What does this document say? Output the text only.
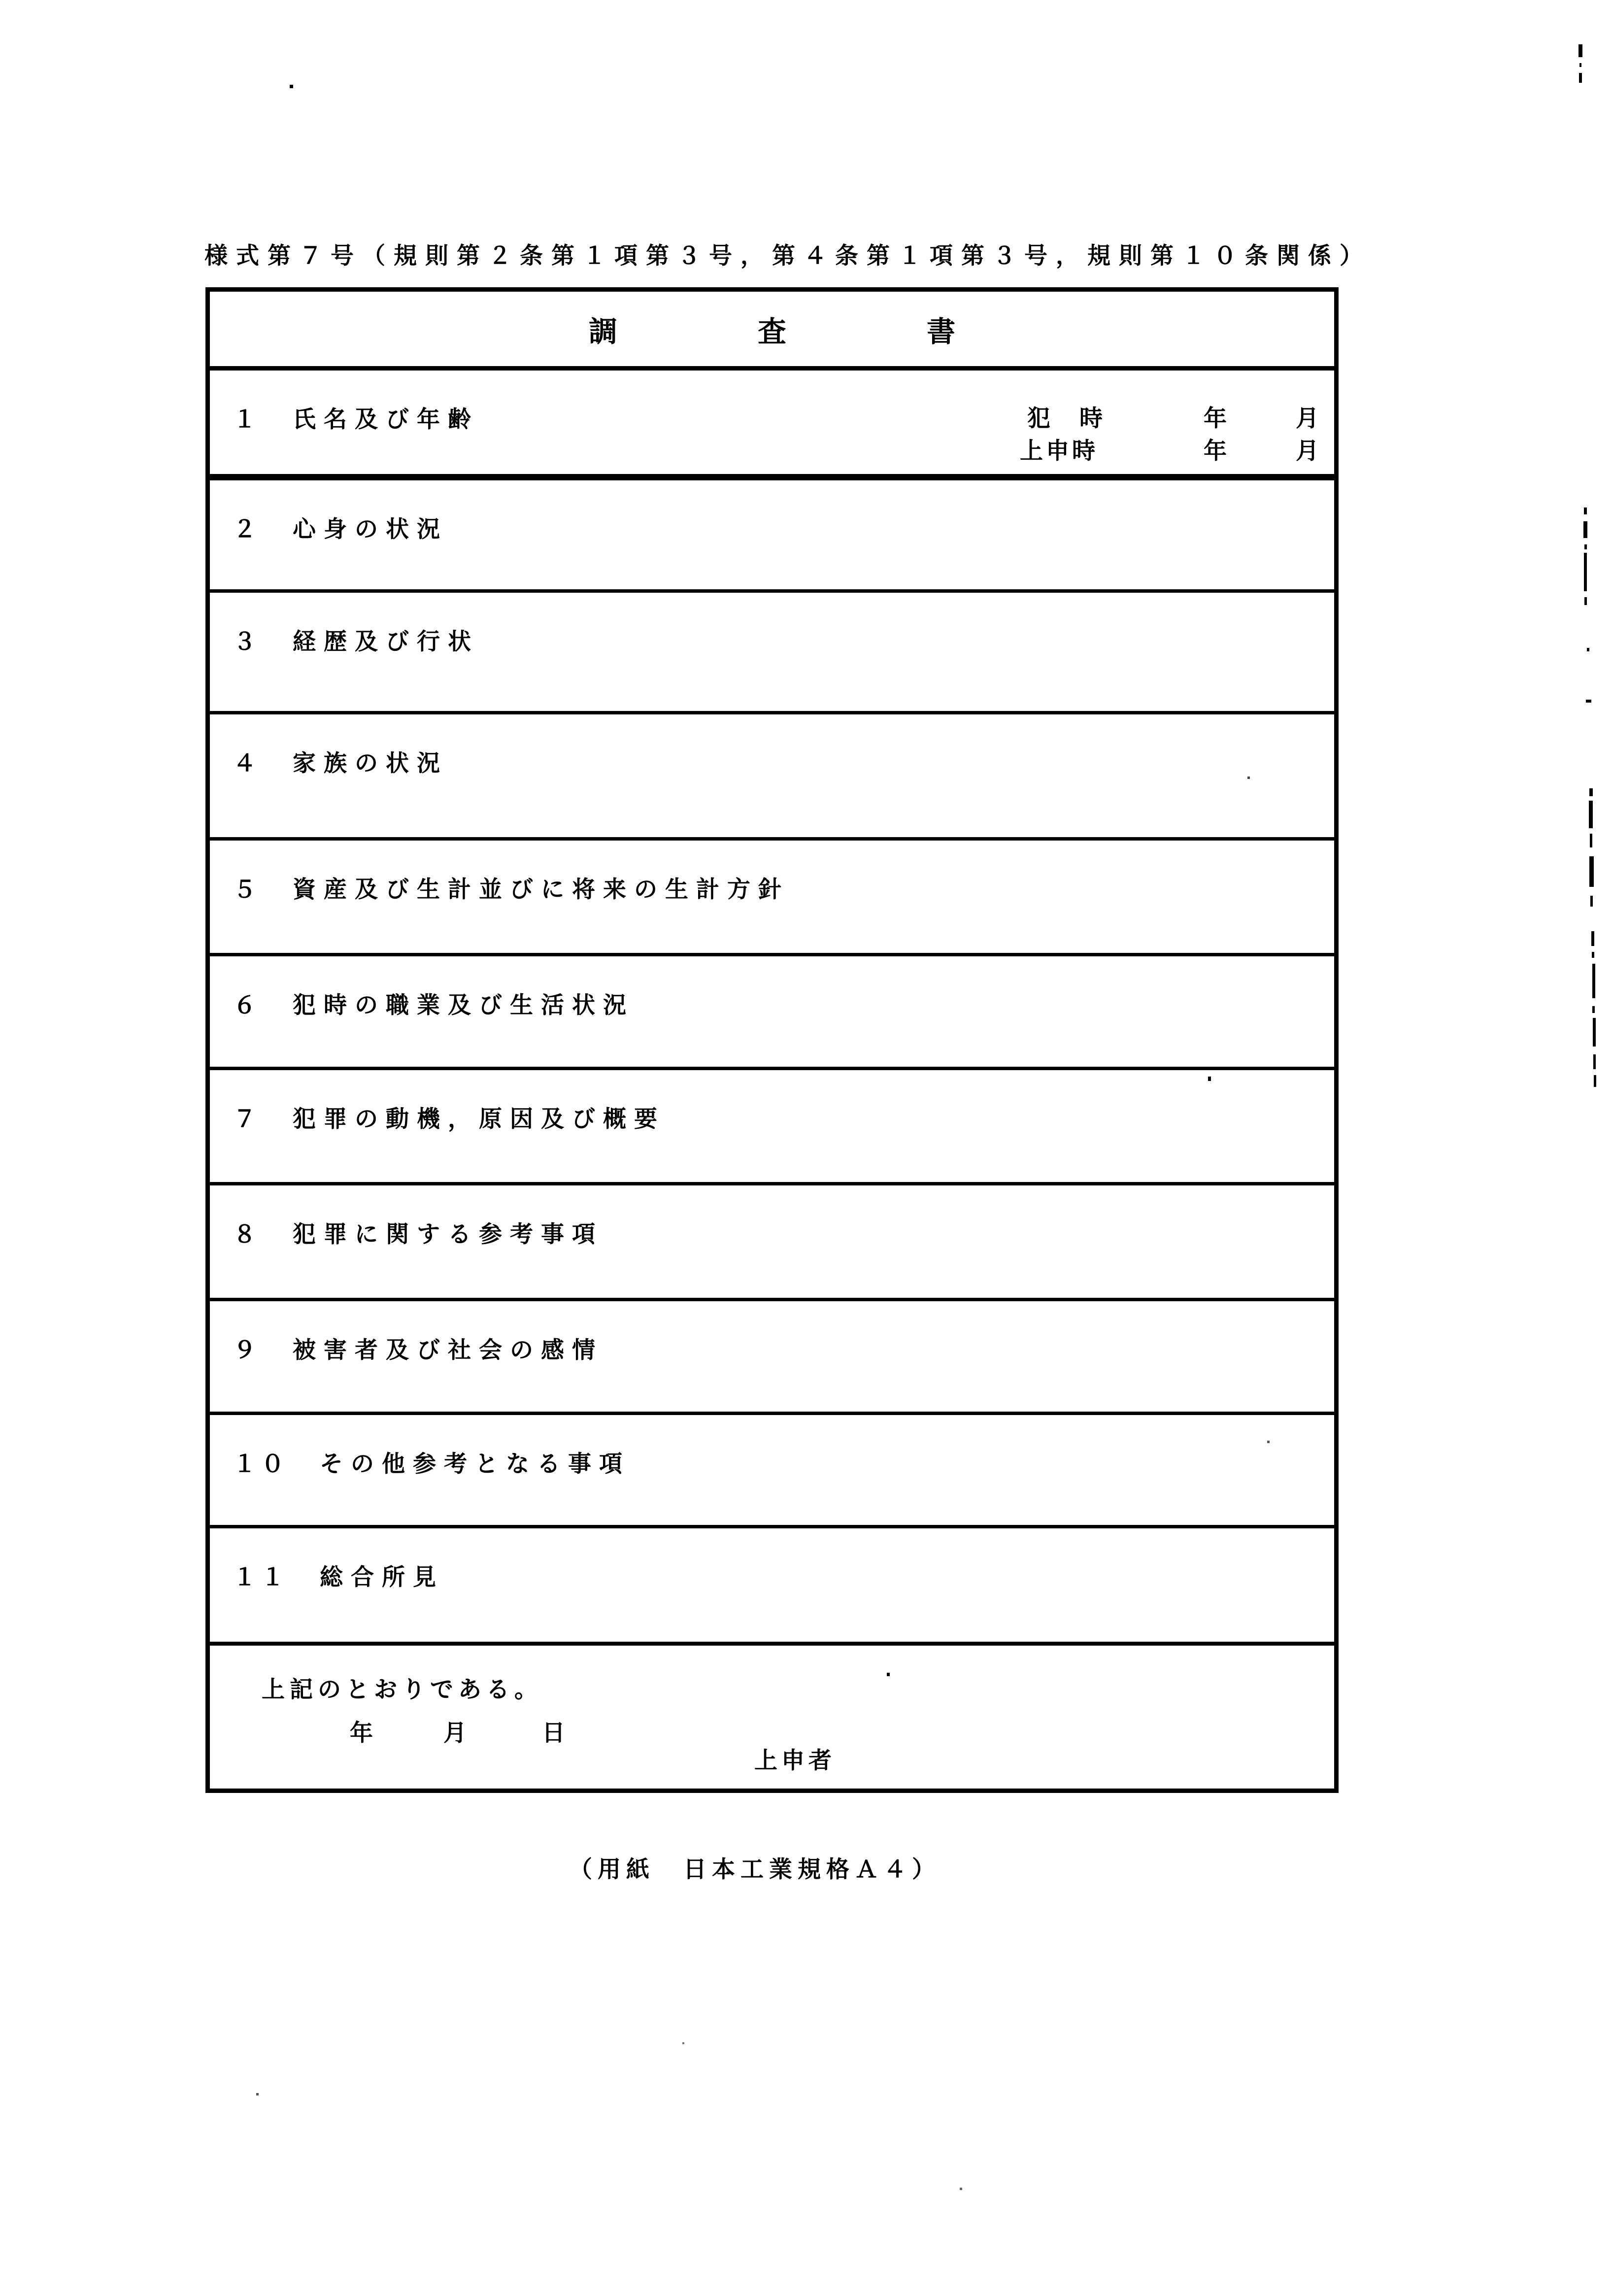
様式第７号（規則第２条第１項第３号，第４条第１項第３号，規則第１０条関係）
調	査	書
１ 氏名及び年齢	犯　時	年	月
上申時	年	月
２ 心身の状況
３ 経歴及び行状
４ 家族の状況
５ 資産及び生計並びに将来の生計方針
６ 犯時の職業及び生活状況
７ 犯罪の動機，原因及び概要
８ 犯罪に関する参考事項
９ 被害者及び社会の感情
１０ その他参考となる事項
１１ 総合所見
上記のとおりである。
年	月	日
上申者
（用紙　日本工業規格Ａ４）
